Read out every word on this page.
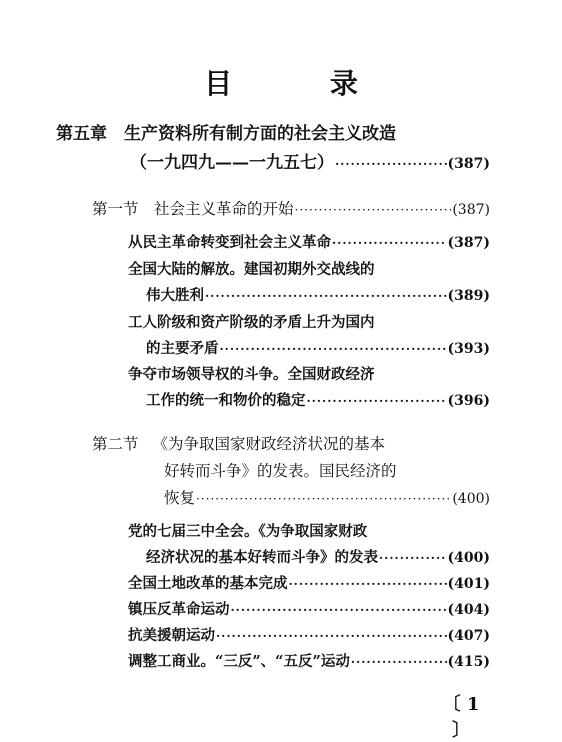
目 录
第五章　生产资料所有制方面的社会主义改造
（一九四九——一九五七） ·····	(387)
第一节　社会主义革命的开始 ·····	(387)
从民主革命转变到社会主义革命 ·····	(387)
全国大陆的解放。建国初期外交战线的
伟大胜利 ·····	(389)
工人阶级和资产阶级的矛盾上升为国内
的主要矛盾 ·····	(393)
争夺市场领导权的斗争。全国财政经济
工作的统一和物价的稳定 ·····	(396)
第二节 《为争取国家财政经济状况的基本
好转而斗争》的发表。国民经济的
恢复 ·····	(400)
党的七届三中全会。《为争取国家财政
经济状况的基本好转而斗争》的发表 ·····	(400)
全国土地改革的基本完成 ·····	(401)
镇压反革命运动 ·····	(404)
抗美援朝运动 ·····	(407)
调整工商业。“三反”、“五反”运动 ·····	(415)
〔 1 〕
